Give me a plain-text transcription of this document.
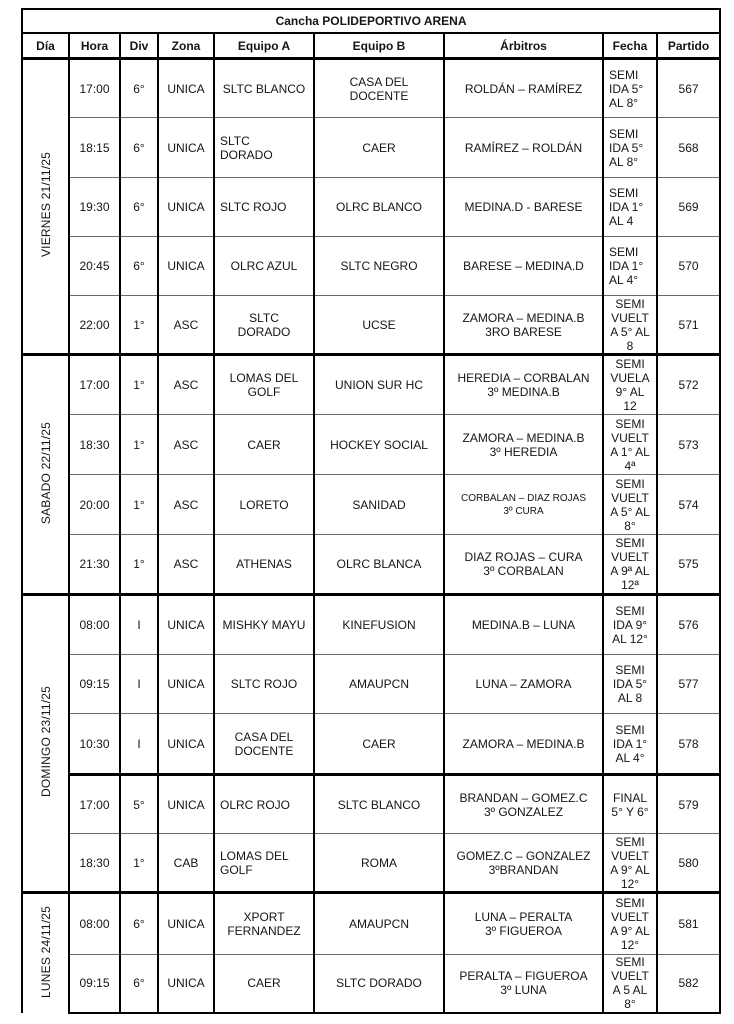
Cancha POLIDEPORTIVO ARENA								
Día	Hora	Div	Zona	Equipo A	Equipo B	Árbitros	Fecha	Partido
VIERNES 21/11/25	17:00	6°	UNICA	SLTC BLANCO	CASA DEL
DOCENTE	ROLDÁN – RAMÍREZ	SEMI
IDA 5°
AL 8°	567
	18:15	6°	UNICA	SLTC
DORADO	CAER	RAMÍREZ – ROLDÁN	SEMI
IDA 5°
AL 8°	568
	19:30	6°	UNICA	SLTC ROJO	OLRC BLANCO	MEDINA.D - BARESE	SEMI
IDA 1°
AL 4	569
	20:45	6°	UNICA	OLRC AZUL	SLTC NEGRO	BARESE – MEDINA.D	SEMI
IDA 1°
AL 4°	570
	22:00	1°	ASC	SLTC
DORADO	UCSE	ZAMORA – MEDINA.B
3RO BARESE	SEMI
VUELT
A 5° AL
8	571
SABADO 22/11/25	17:00	1°	ASC	LOMAS DEL
GOLF	UNION SUR HC	HEREDIA – CORBALAN
3º MEDINA.B	SEMI
VUELA
9° AL
12	572
	18:30	1°	ASC	CAER	HOCKEY SOCIAL	ZAMORA – MEDINA.B
3º HEREDIA	SEMI
VUELT
A 1° AL
4ª	573
	20:00	1°	ASC	LORETO	SANIDAD	CORBALAN – DIAZ ROJAS
3º CURA	SEMI
VUELT
A 5° AL
8°	574
	21:30	1°	ASC	ATHENAS	OLRC BLANCA	DIAZ ROJAS – CURA
3º CORBALAN	SEMI
VUELT
A 9ª AL
12ª	575
DOMINGO 23/11/25	08:00	I	UNICA	MISHKY MAYU	KINEFUSION	MEDINA.B – LUNA	SEMI
IDA 9°
AL 12°	576
	09:15	I	UNICA	SLTC ROJO	AMAUPCN	LUNA – ZAMORA	SEMI
IDA 5°
AL 8	577
	10:30	I	UNICA	CASA DEL
DOCENTE	CAER	ZAMORA – MEDINA.B	SEMI
IDA 1°
AL 4°	578
	17:00	5°	UNICA	OLRC ROJO	SLTC BLANCO	BRANDAN – GOMEZ.C
3º GONZALEZ	FINAL
5° Y 6°	579
	18:30	1°	CAB	LOMAS DEL
GOLF	ROMA	GOMEZ.C – GONZALEZ
3ºBRANDAN	SEMI
VUELT
A 9° AL
12°	580
LUNES 24/11/25	08:00	6°	UNICA	XPORT
FERNANDEZ	AMAUPCN	LUNA – PERALTA
3º FIGUEROA	SEMI
VUELT
A 9° AL
12°	581
	09:15	6°	UNICA	CAER	SLTC DORADO	PERALTA – FIGUEROA
3º LUNA	SEMI
VUELT
A 5 AL
8°	582
